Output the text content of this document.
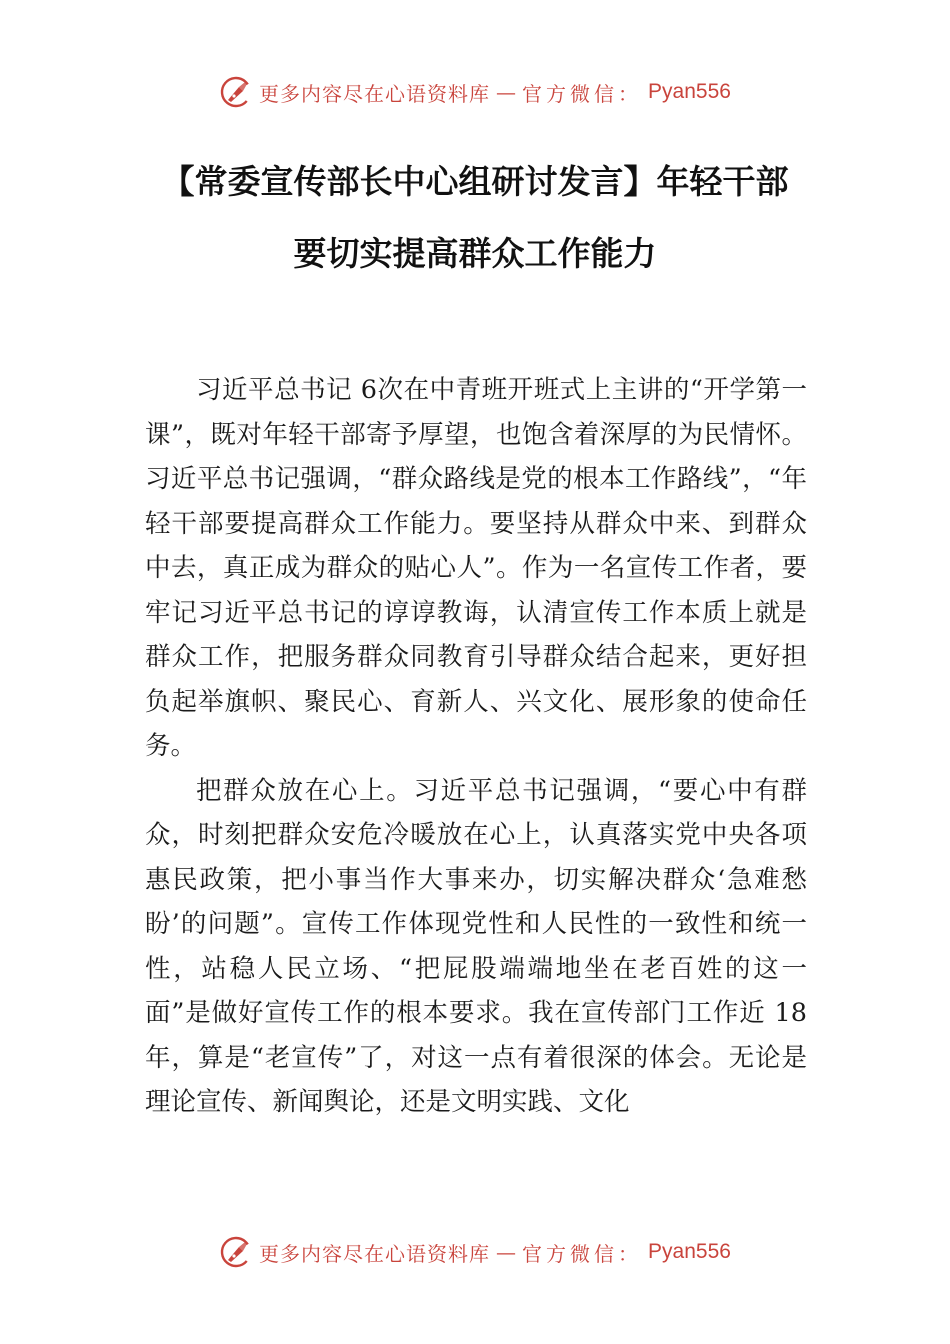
更多内容尽在心语资料库 — 官方微信： Pyan556
【常委宣传部长中心组研讨发言】年轻干部
要切实提高群众工作能力

习近平总书记 6次在中青班开班式上主讲的“开学第一课”，既对年轻干部寄予厚望，也饱含着深厚的为民情怀。习近平总书记强调，“群众路线是党的根本工作路线”，“年轻干部要提高群众工作能力。要坚持从群众中来、到群众中去，真正成为群众的贴心人”。作为一名宣传工作者，要牢记习近平总书记的谆谆教诲，认清宣传工作本质上就是群众工作，把服务群众同教育引导群众结合起来，更好担负起举旗帜、聚民心、育新人、兴文化、展形象的使命任务。

把群众放在心上。习近平总书记强调，“要心中有群众，时刻把群众安危冷暖放在心上，认真落实党中央各项惠民政策，把小事当作大事来办，切实解决群众‘急难愁盼’的问题”。宣传工作体现党性和人民性的一致性和统一性，站稳人民立场、“把屁股端端地坐在老百姓的这一面”是做好宣传工作的根本要求。我在宣传部门工作近 18年，算是“老宣传”了，对这一点有着很深的体会。无论是理论宣传、新闻舆论，还是文明实践、文化

更多内容尽在心语资料库 — 官方微信： Pyan556
